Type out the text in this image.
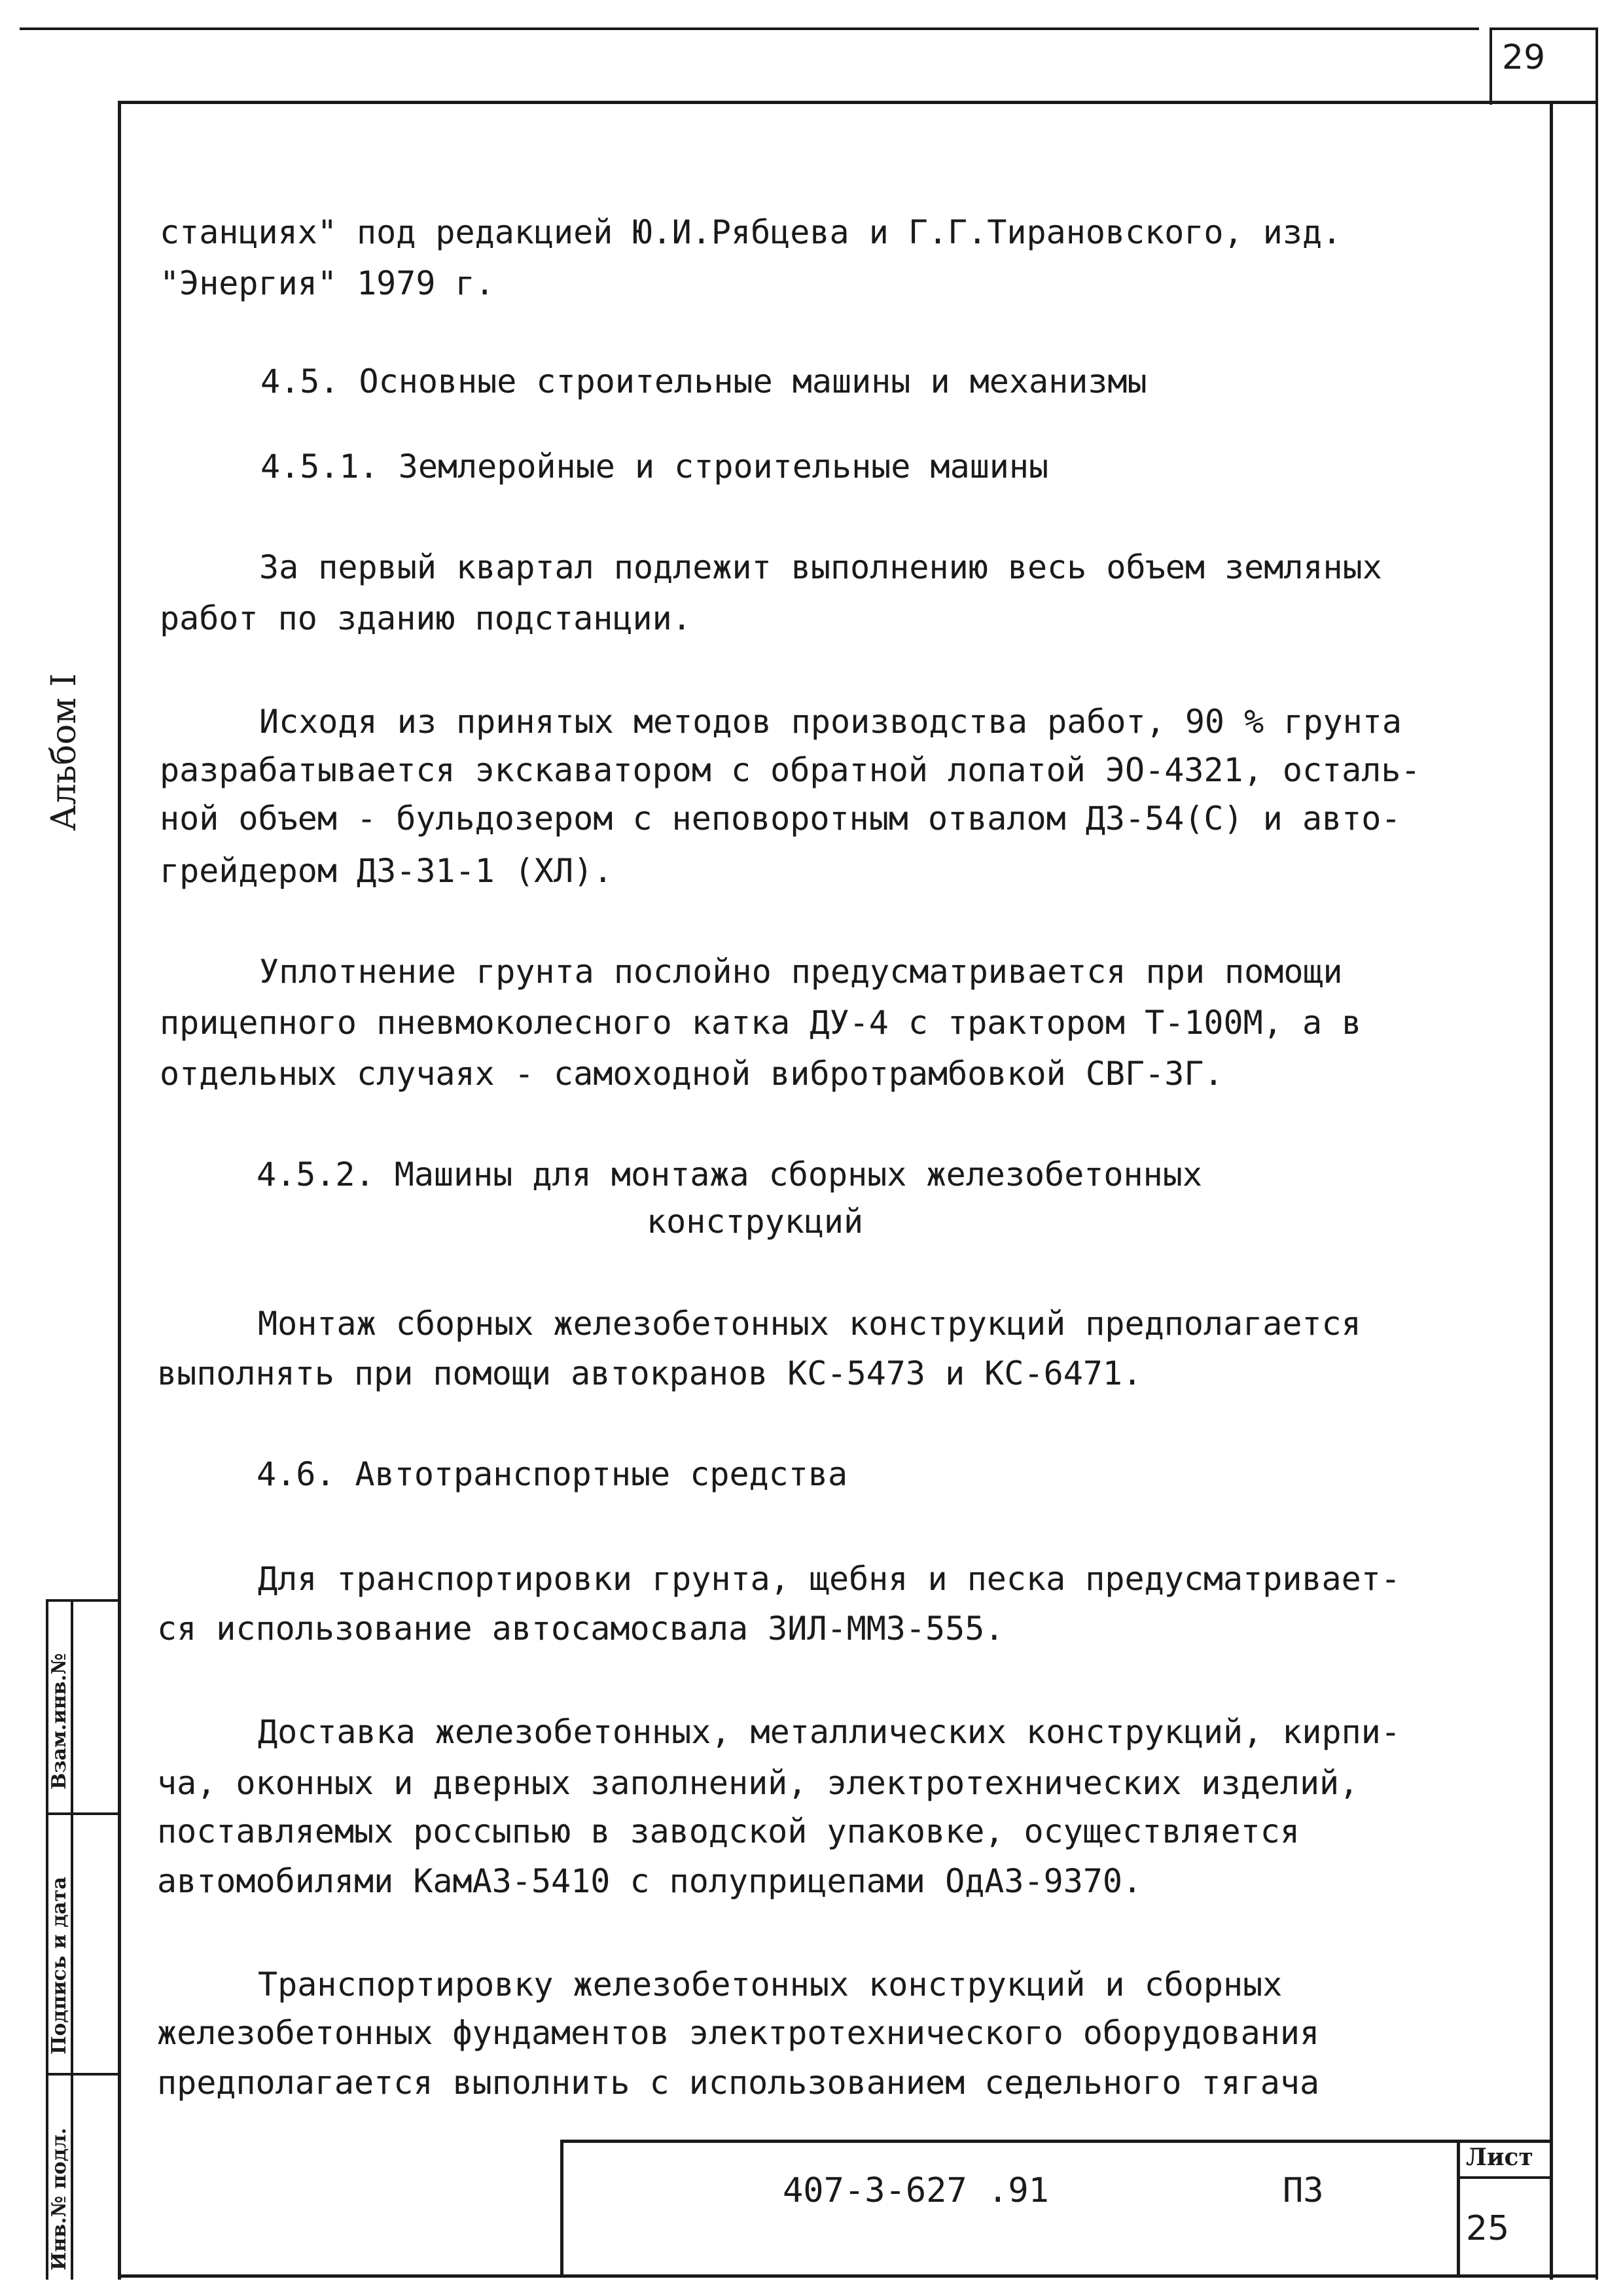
29
Альбом I
Взам.инв.№
Подпись и дата
Инв.№ подл.
станциях" под редакцией Ю.И.Рябцева и Г.Г.Тирановского, изд.
"Энергия" 1979 г.
4.5. Основные строительные машины и механизмы
4.5.1. Землеройные и строительные машины
За первый квартал подлежит выполнению весь объем земляных
работ по зданию подстанции.
Исходя из принятых методов производства работ, 90 % грунта
разрабатывается экскаватором с обратной лопатой ЭО-4321, осталь-
ной объем - бульдозером с неповоротным отвалом ДЗ-54(С) и авто-
грейдером ДЗ-31-1 (ХЛ).
Уплотнение грунта послойно предусматривается при помощи
прицепного пневмоколесного катка ДУ-4 с трактором Т-100М, а в
отдельных случаях - самоходной вибротрамбовкой СВГ-3Г.
4.5.2. Машины для монтажа сборных железобетонных
конструкций
Монтаж сборных железобетонных конструкций предполагается
выполнять при помощи автокранов КС-5473 и КС-6471.
4.6. Автотранспортные средства
Для транспортировки грунта, щебня и песка предусматривает-
ся использование автосамосвала ЗИЛ-ММЗ-555.
Доставка железобетонных, металлических конструкций, кирпи-
ча, оконных и дверных заполнений, электротехнических изделий,
поставляемых россыпью в заводской упаковке, осуществляется
автомобилями КамАЗ-5410 с полуприцепами ОдАЗ-9370.
Транспортировку железобетонных конструкций и сборных
железобетонных фундаментов электротехнического оборудования
предполагается выполнить с использованием седельного тягача
407-3-627 .91	ПЗ
Лист
25
